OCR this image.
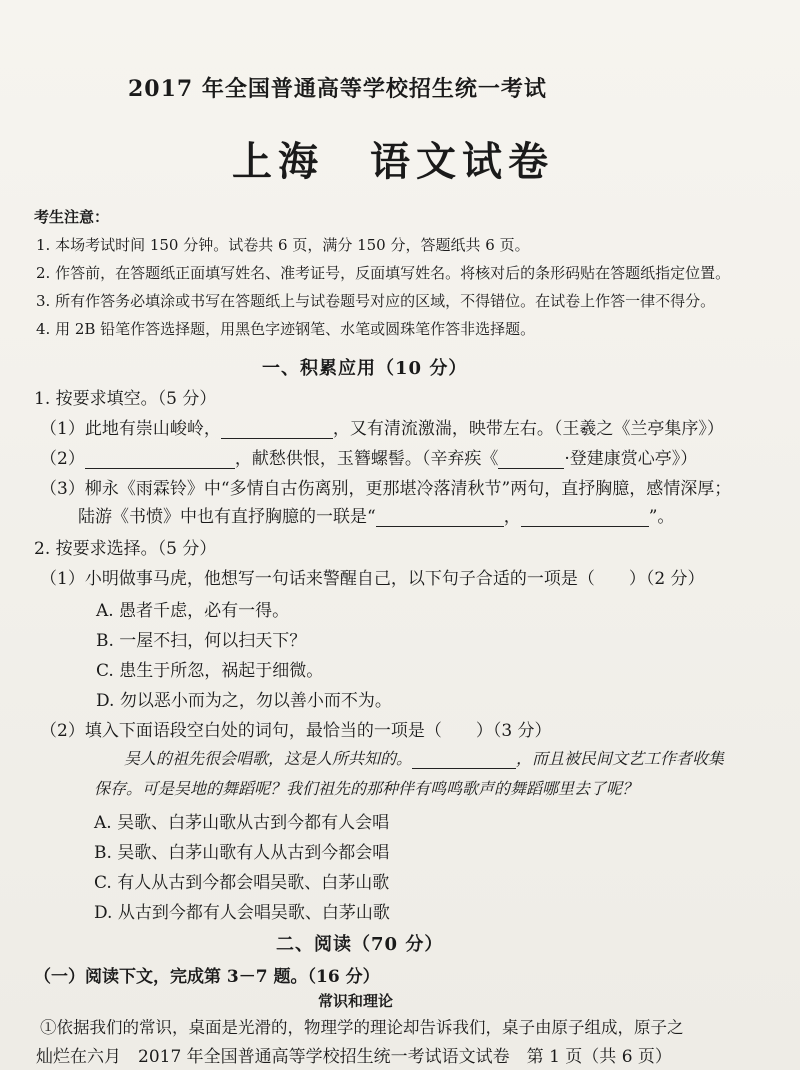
2017 年全国普通高等学校招生统一考试
上海　语文试卷
考生注意：
1. 本场考试时间 150 分钟。试卷共 6 页，满分 150 分，答题纸共 6 页。
2. 作答前，在答题纸正面填写姓名、准考证号，反面填写姓名。将核对后的条形码贴在答题纸指定位置。
3. 所有作答务必填涂或书写在答题纸上与试卷题号对应的区域，不得错位。在试卷上作答一律不得分。
4. 用 2B 铅笔作答选择题，用黑色字迹钢笔、水笔或圆珠笔作答非选择题。
一、积累应用（10 分）
1. 按要求填空。（5 分）
（1）此地有崇山峻岭，	，又有清流激湍，映带左右。（王羲之《兰亭集序》）
（2）	，献愁供恨，玉簪螺髻。（辛弃疾《	·登建康赏心亭》）
（3）柳永《雨霖铃》中“多情自古伤离别，更那堪冷落清秋节”两句，直抒胸臆，感情深厚；
陆游《书愤》中也有直抒胸臆的一联是“	，	”。
2. 按要求选择。（5 分）
（1）小明做事马虎，他想写一句话来警醒自己，以下句子合适的一项是（　　）（2 分）
A. 愚者千虑，必有一得。
B. 一屋不扫，何以扫天下？
C. 患生于所忽，祸起于细微。
D. 勿以恶小而为之，勿以善小而不为。
（2）填入下面语段空白处的词句，最恰当的一项是（　　）（3 分）
吴人的祖先很会唱歌，这是人所共知的。	，而且被民间文艺工作者收集
保存。可是吴地的舞蹈呢？我们祖先的那种伴有鸣鸣歌声的舞蹈哪里去了呢？
A. 吴歌、白茅山歌从古到今都有人会唱
B. 吴歌、白茅山歌有人从古到今都会唱
C. 有人从古到今都会唱吴歌、白茅山歌
D. 从古到今都有人会唱吴歌、白茅山歌
二、阅读（70 分）
（一）阅读下文，完成第 3－7 题。（16 分）
常识和理论
①依据我们的常识，桌面是光滑的，物理学的理论却告诉我们，桌子由原子组成，原子之
灿烂在六月　2017 年全国普通高等学校招生统一考试语文试卷　第 1 页（共 6 页）
